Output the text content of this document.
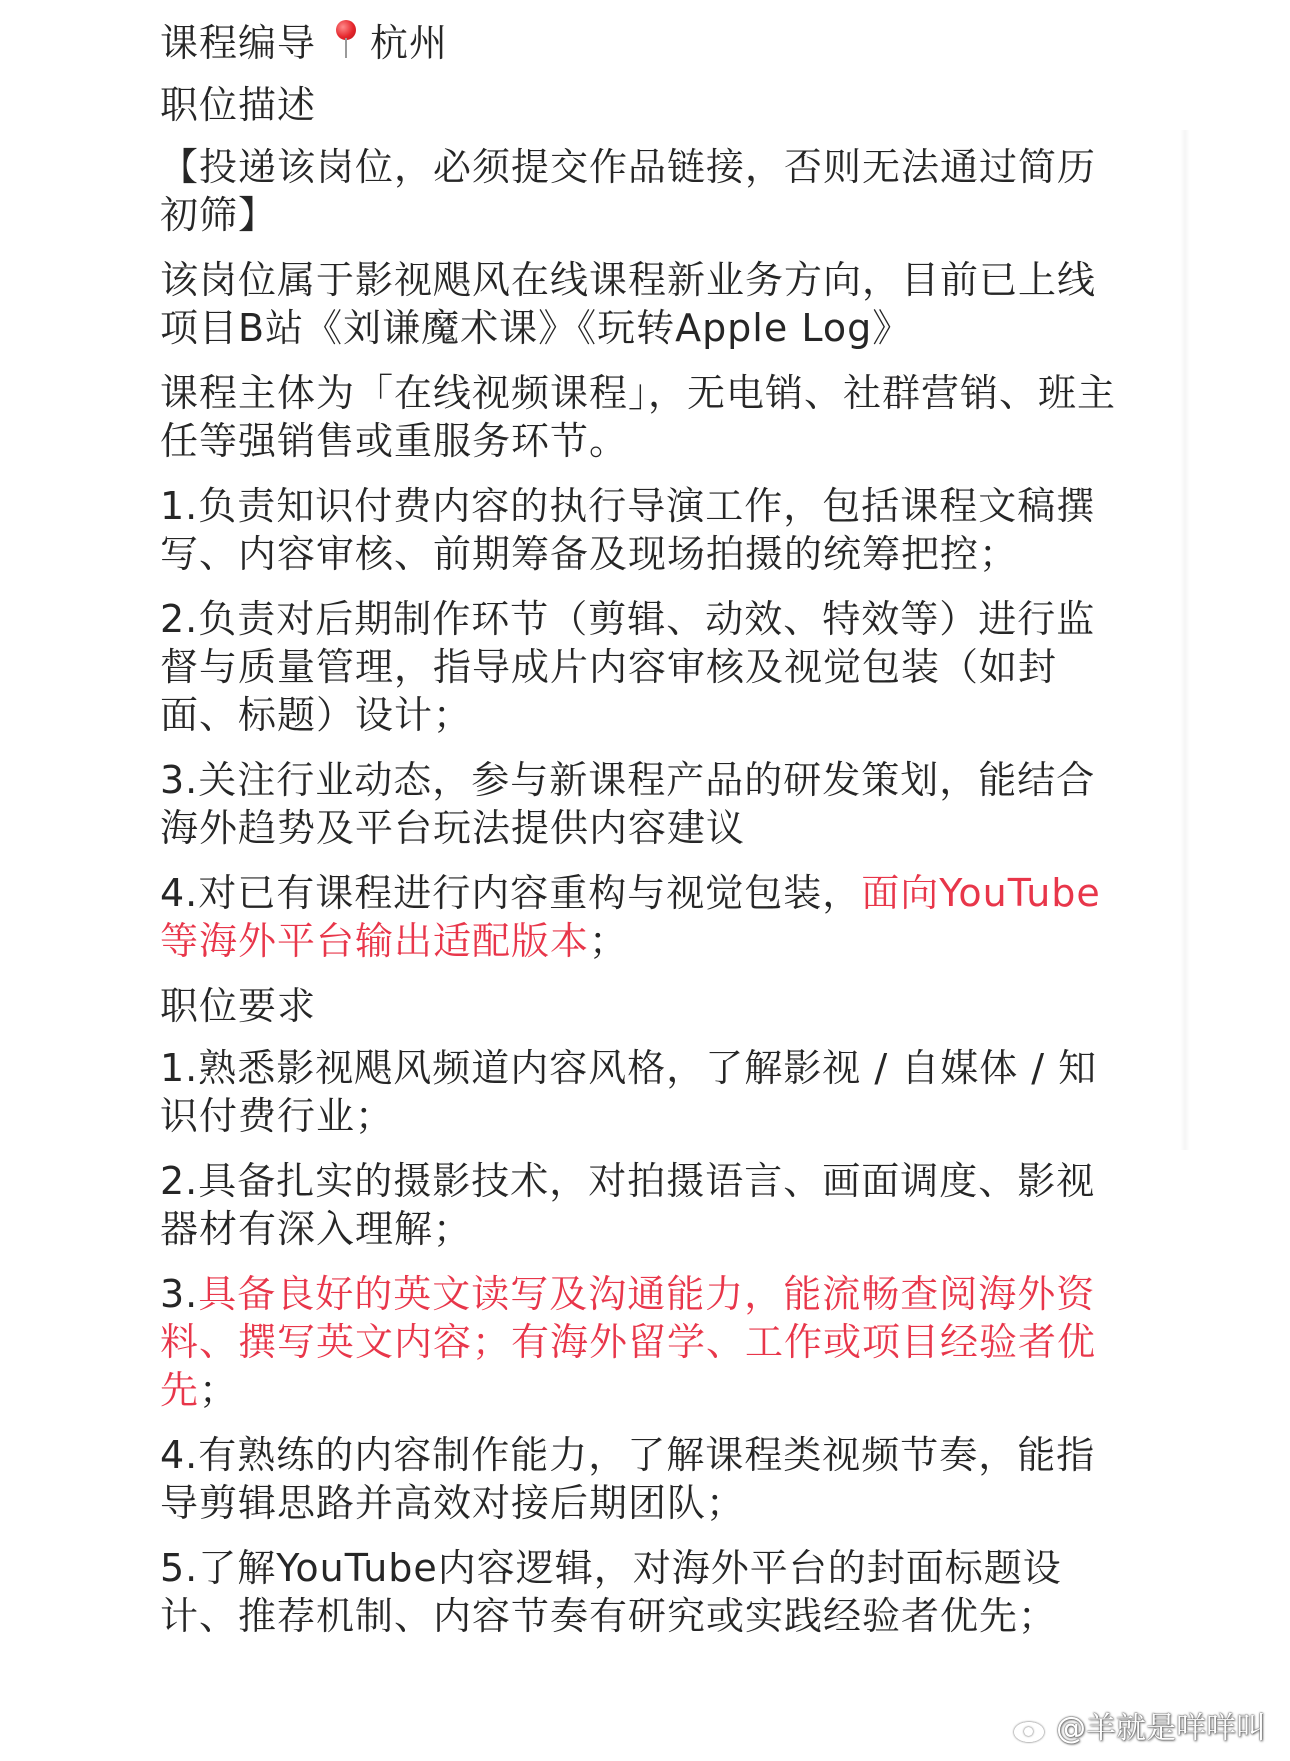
课程编导 杭州
职位描述
【投递该岗位，必须提交作品链接，否则无法通过简历初筛】
该岗位属于影视飓风在线课程新业务方向，目前已上线项目B站《刘谦魔术课》《玩转Apple Log》
课程主体为「在线视频课程」，无电销、社群营销、班主任等强销售或重服务环节。
1.负责知识付费内容的执行导演工作，包括课程文稿撰写、内容审核、前期筹备及现场拍摄的统筹把控；
2.负责对后期制作环节（剪辑、动效、特效等）进行监督与质量管理，指导成片内容审核及视觉包装（如封面、标题）设计；
3.关注行业动态，参与新课程产品的研发策划，能结合海外趋势及平台玩法提供内容建议
4.对已有课程进行内容重构与视觉包装，面向YouTube等海外平台输出适配版本；
职位要求
1.熟悉影视飓风频道内容风格，了解影视 / 自媒体 / 知识付费行业；
2.具备扎实的摄影技术，对拍摄语言、画面调度、影视器材有深入理解；
3.具备良好的英文读写及沟通能力，能流畅查阅海外资料、撰写英文内容；有海外留学、工作或项目经验者优先；
4.有熟练的内容制作能力，了解课程类视频节奏，能指导剪辑思路并高效对接后期团队；
5.了解YouTube内容逻辑，对海外平台的封面标题设计、推荐机制、内容节奏有研究或实践经验者优先；
@羊就是咩咩叫
